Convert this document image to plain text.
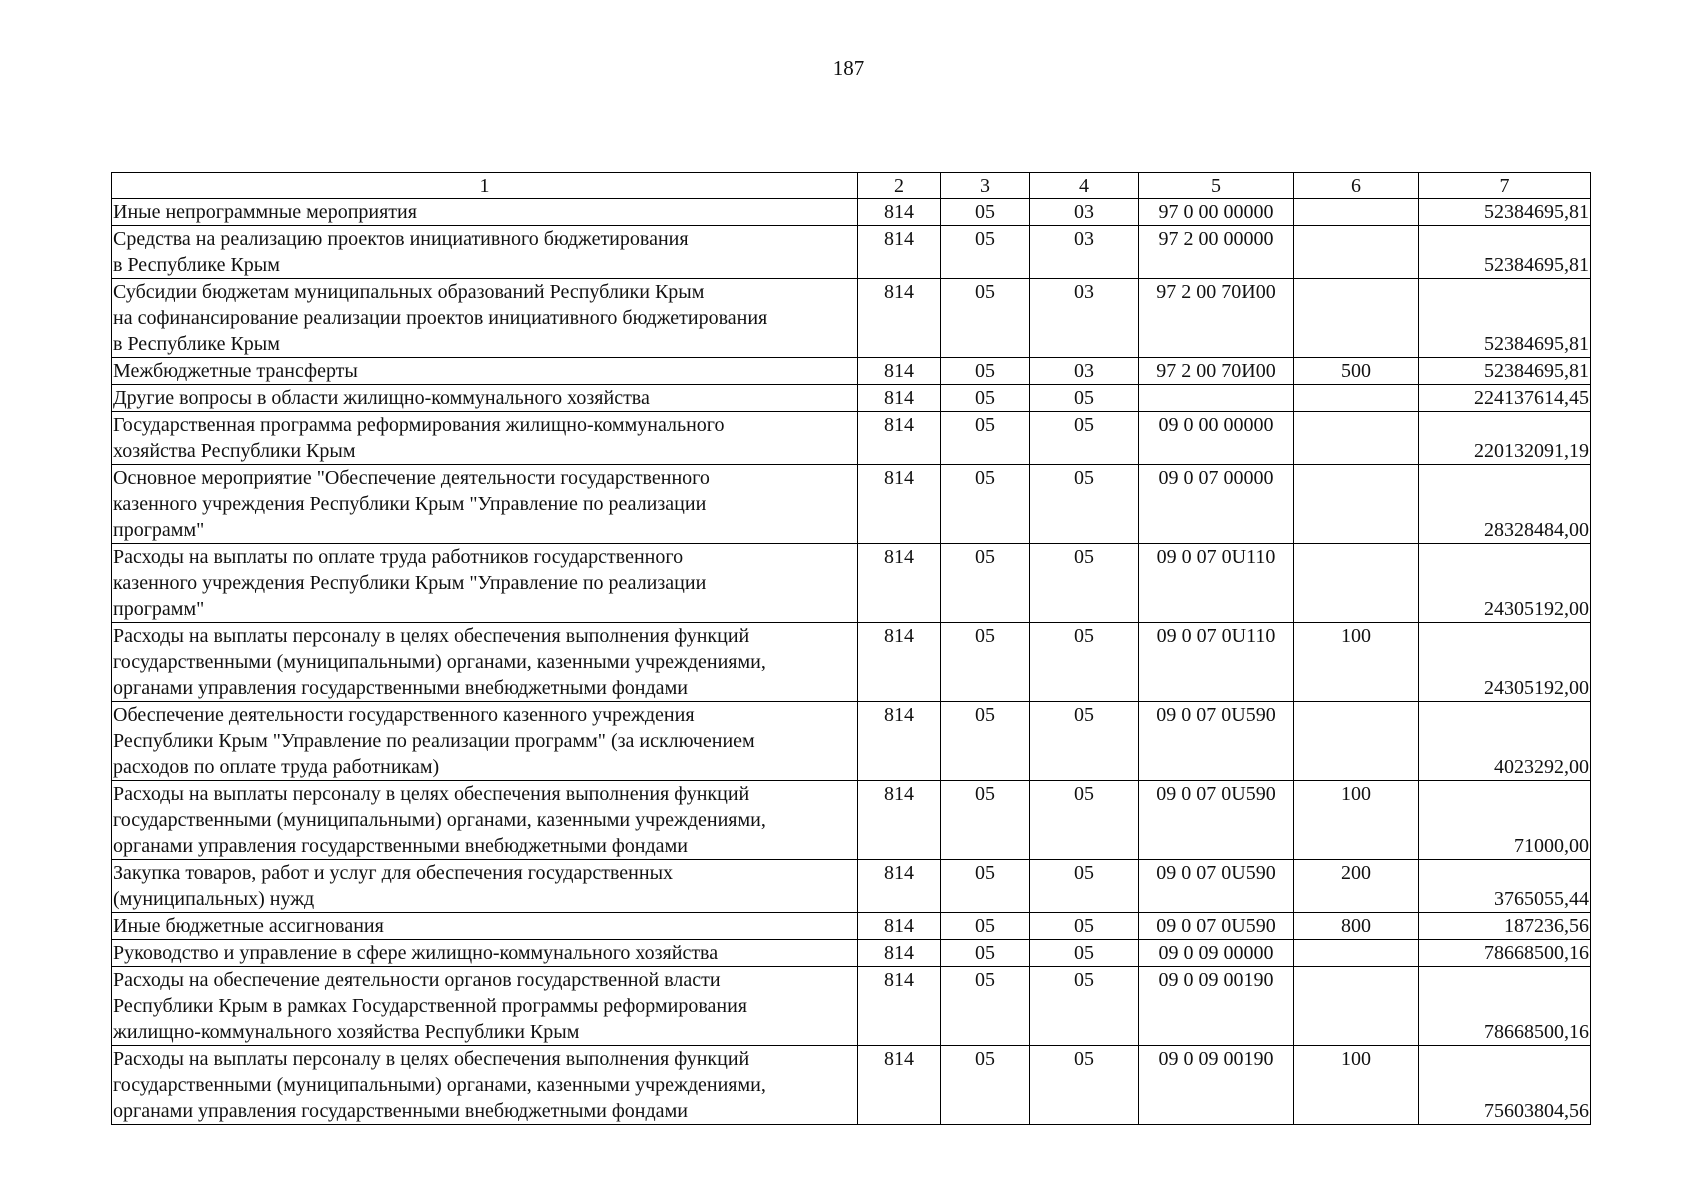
187
1	2	3	4	5	6	7
Иные непрограммные мероприятия	814	05	03	97 0 00 00000		52384695,81
Средства на реализацию проектов инициативного бюджетирования
в Республике Крым	814	05	03	97 2 00 00000		52384695,81
Субсидии бюджетам муниципальных образований Республики Крым
на софинансирование реализации проектов инициативного бюджетирования
в Республике Крым	814	05	03	97 2 00 70И00		52384695,81
Межбюджетные трансферты	814	05	03	97 2 00 70И00	500	52384695,81
Другие вопросы в области жилищно-коммунального хозяйства	814	05	05			224137614,45
Государственная программа реформирования жилищно-коммунального
хозяйства Республики Крым	814	05	05	09 0 00 00000		220132091,19
Основное мероприятие "Обеспечение деятельности государственного
казенного учреждения Республики Крым "Управление по реализации
программ"	814	05	05	09 0 07 00000		28328484,00
Расходы на выплаты по оплате труда работников государственного
казенного учреждения Республики Крым "Управление по реализации
программ"	814	05	05	09 0 07 0U110		24305192,00
Расходы на выплаты персоналу в целях обеспечения выполнения функций
государственными (муниципальными) органами, казенными учреждениями,
органами управления государственными внебюджетными фондами	814	05	05	09 0 07 0U110	100	24305192,00
Обеспечение деятельности государственного казенного учреждения
Республики Крым "Управление по реализации программ" (за исключением
расходов по оплате труда работникам)	814	05	05	09 0 07 0U590		4023292,00
Расходы на выплаты персоналу в целях обеспечения выполнения функций
государственными (муниципальными) органами, казенными учреждениями,
органами управления государственными внебюджетными фондами	814	05	05	09 0 07 0U590	100	71000,00
Закупка товаров, работ и услуг для обеспечения государственных
(муниципальных) нужд	814	05	05	09 0 07 0U590	200	3765055,44
Иные бюджетные ассигнования	814	05	05	09 0 07 0U590	800	187236,56
Руководство и управление в сфере жилищно-коммунального хозяйства	814	05	05	09 0 09 00000		78668500,16
Расходы на обеспечение деятельности органов государственной власти
Республики Крым в рамках Государственной программы реформирования
жилищно-коммунального хозяйства Республики Крым	814	05	05	09 0 09 00190		78668500,16
Расходы на выплаты персоналу в целях обеспечения выполнения функций
государственными (муниципальными) органами, казенными учреждениями,
органами управления государственными внебюджетными фондами	814	05	05	09 0 09 00190	100	75603804,56
